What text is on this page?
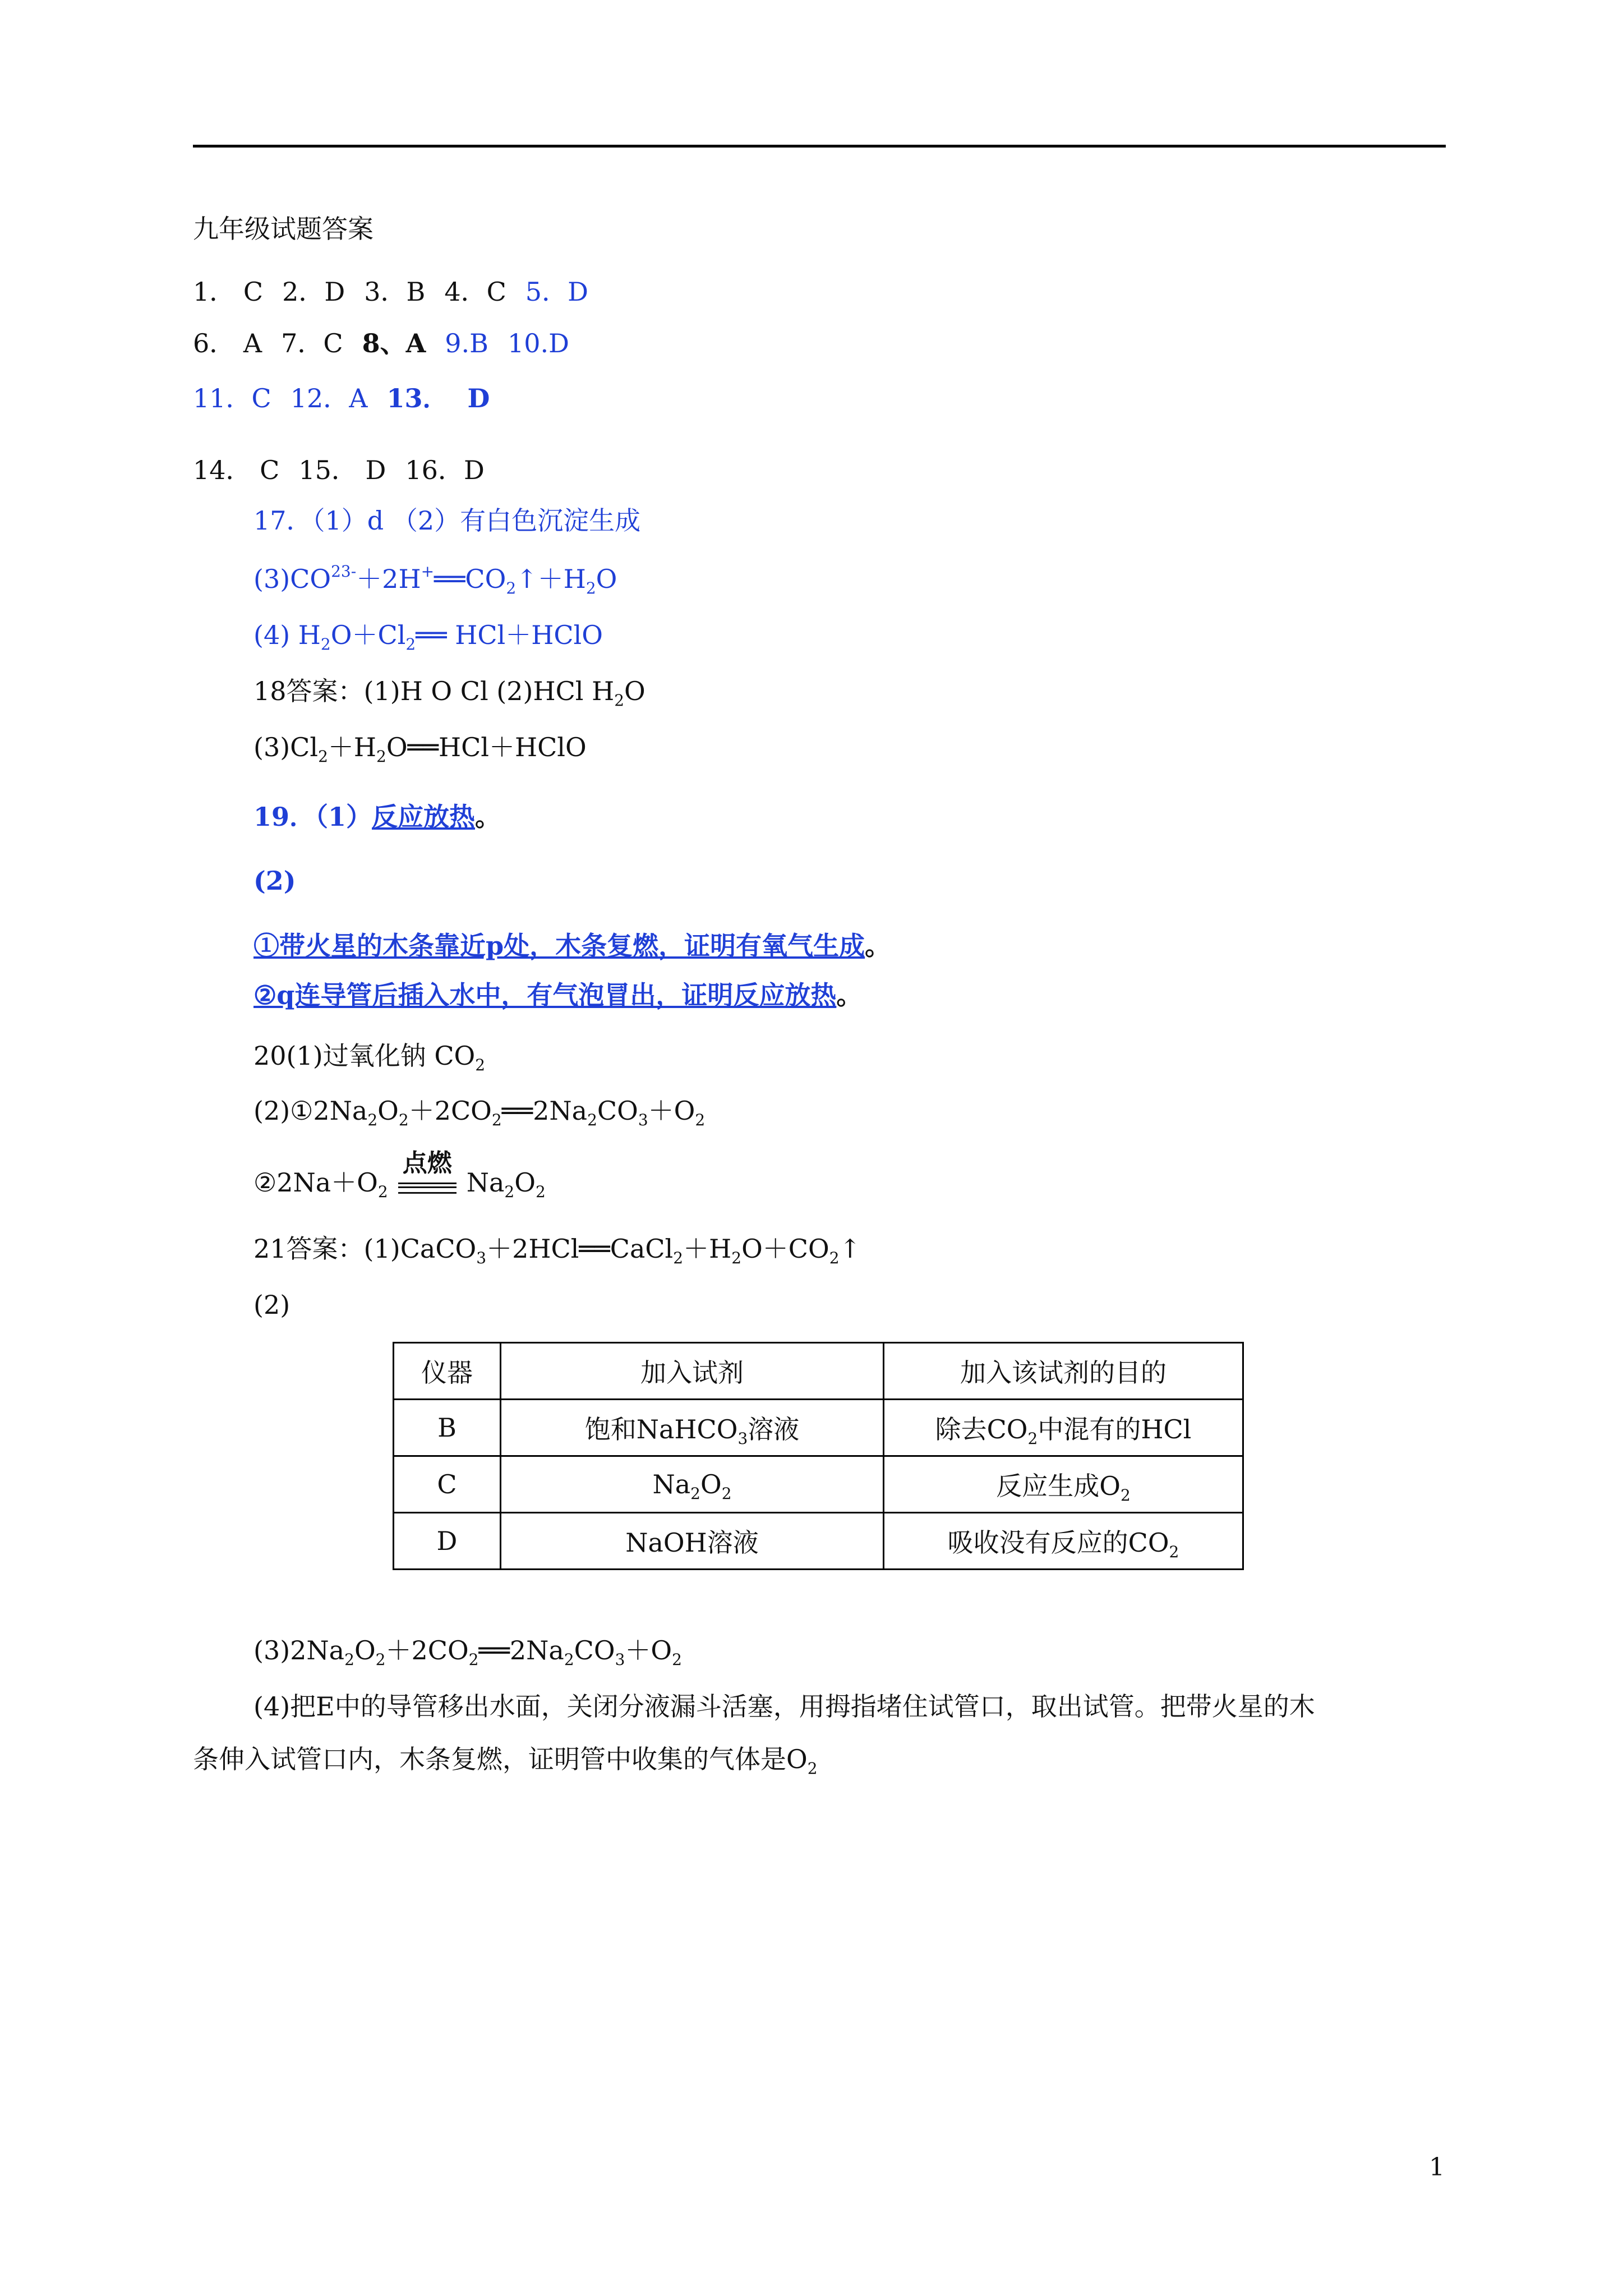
九年级试题答案
1． C 2．D 3．B 4．C 5．D
6． A 7．C 8、A 9.B 10.D
11．C 12．A 13． D
14． C 15． D 16．D
17．（1）d （2）有白色沉淀生成
$(3)CO^{23-}+2H^+══CO_2↑+H_2O$
(4) $H_2O+Cl_2══$ HCl＋HClO
18答案：(1)H O Cl (2)HCl $H_2O$
$(3)Cl_2+H_2O══HCl+HClO$
19．（1）反应放热。
(2)
①带火星的木条靠近p处，木条复燃，证明有氧气生成。
②q连导管后插入水中，有气泡冒出，证明反应放热。
20(1)过氧化钠 $CO_2$
$(2)①2Na_2O_2+2CO_2══2Na_2CO_3+O_2$
$②2Na+O_2$
点燃
$Na_2O_2$
21答案：$(1)CaCO_3+2HCl══CaCl_2+H_2O+CO_2↑$
(2)
仪器	加入试剂	加入该试剂的目的
B	饱和NaHCO$_3$溶液	除去$CO_2$中混有的HCl
C	$Na_2O_2$	反应生成$O_2$
D	NaOH溶液	吸收没有反应的$CO_2$
$(3)2Na_2O_2+2CO_2══2Na_2CO_3+O_2$
(4)把E中的导管移出水面，关闭分液漏斗活塞，用拇指堵住试管口，取出试管。把带火星的木
条伸入试管口内，木条复燃，证明管中收集的气体是$O_2$
1
